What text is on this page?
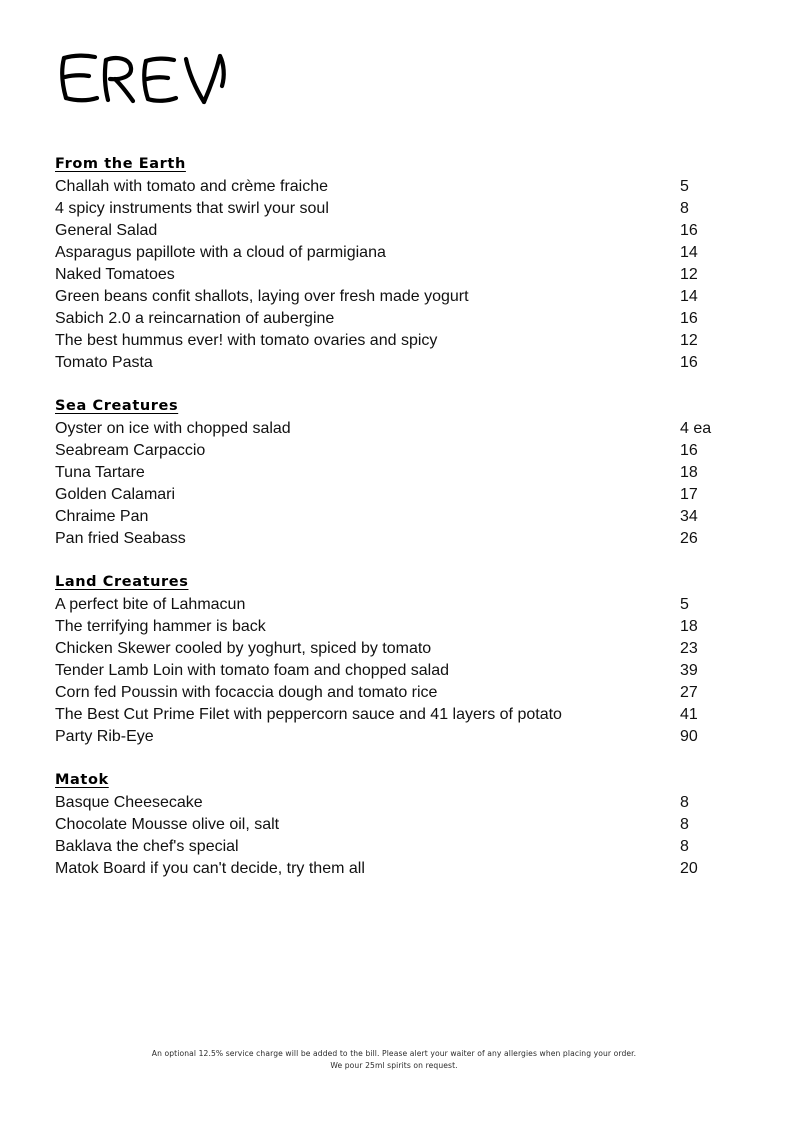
From the Earth
Challah with tomato and crème fraiche	5
4 spicy instruments that swirl your soul	8
General Salad	16
Asparagus papillote with a cloud of parmigiana	14
Naked Tomatoes	12
Green beans confit shallots, laying over fresh made yogurt	14
Sabich 2.0 a reincarnation of aubergine	16
The best hummus ever! with tomato ovaries and spicy	12
Tomato Pasta	16
Sea Creatures
Oyster on ice with chopped salad	4 ea
Seabream Carpaccio	16
Tuna Tartare	18
Golden Calamari	17
Chraime Pan	34
Pan fried Seabass	26
Land Creatures
A perfect bite of Lahmacun	5
The terrifying hammer is back	18
Chicken Skewer cooled by yoghurt, spiced by tomato	23
Tender Lamb Loin with tomato foam and chopped salad	39
Corn fed Poussin with focaccia dough and tomato rice	27
The Best Cut Prime Filet with peppercorn sauce and 41 layers of potato	41
Party Rib-Eye	90
Matok
Basque Cheesecake	8
Chocolate Mousse olive oil, salt	8
Baklava the chef's special	8
Matok Board if you can't decide, try them all	20
An optional 12.5% service charge will be added to the bill. Please alert your waiter of any allergies when placing your order.
We pour 25ml spirits on request.
